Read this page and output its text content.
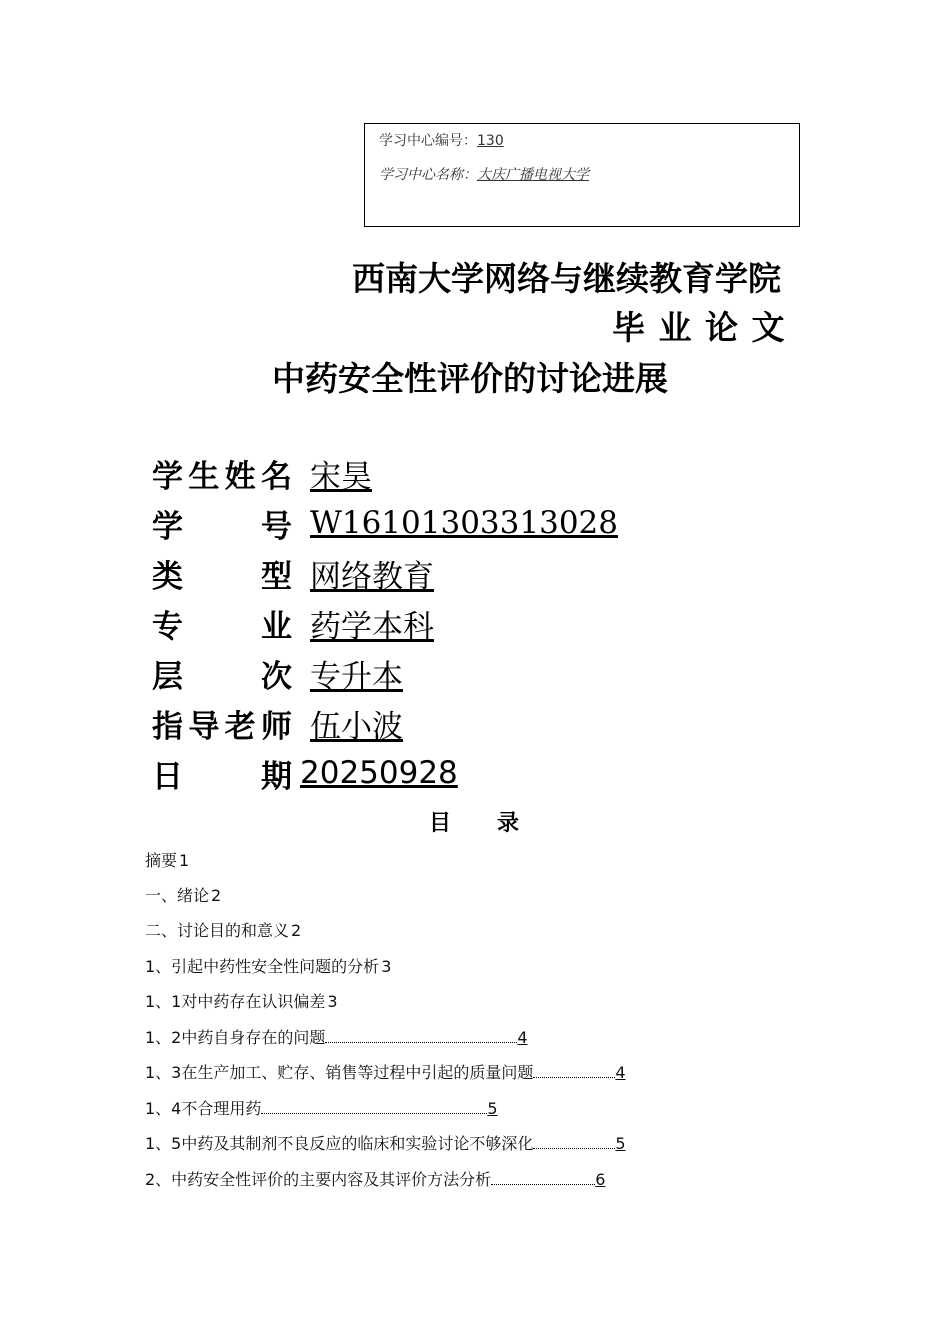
学习中心编号：130
学习中心名称：大庆广播电视大学
西南大学网络与继续教育学院
毕 业 论 文
中药安全性评价的讨论进展
学生姓名 宋昊
学号 W16101303313028
类型 网络教育
专业 药学本科
层次 专升本
指导老师 伍小波
日期 20250928
目 录
摘要 1
一、绪论 2
二、讨论目的和意义 2
1、引起中药性安全性问题的分析 3
1、1对中药存在认识偏差 3
1、2中药自身存在的问题	4
1、3在生产加工、贮存、销售等过程中引起的质量问题	4
1、4不合理用药	5
1、5中药及其制剂不良反应的临床和实验讨论不够深化	5
2、中药安全性评价的主要内容及其评价方法分析	6
